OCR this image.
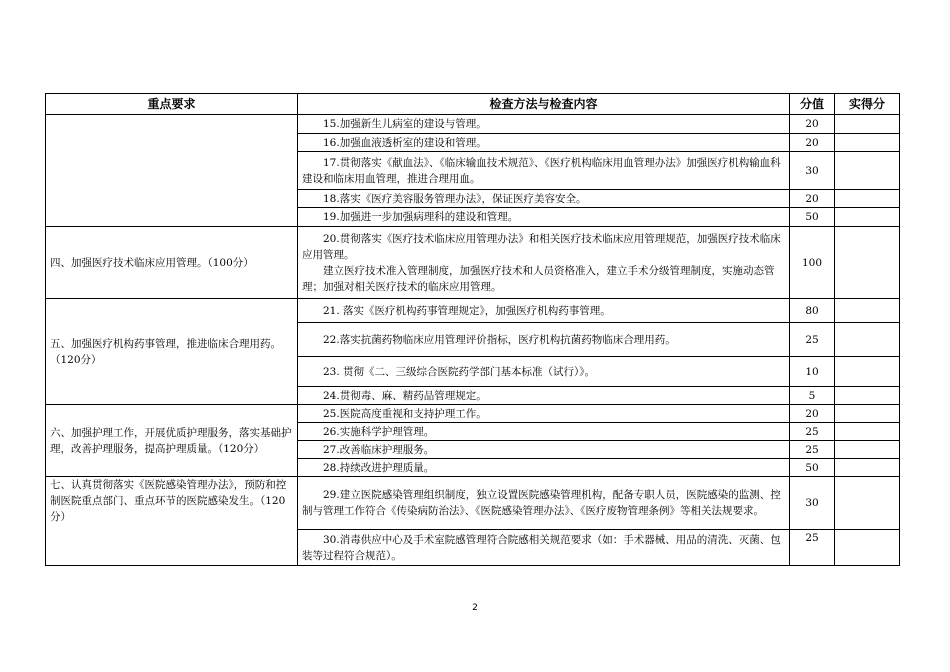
重点要求	检查方法与检查内容	分值	实得分
	15.加强新生儿病室的建设与管理。	20	
	16.加强血液透析室的建设和管理。	20	
	17.贯彻落实《献血法》、《临床输血技术规范》、《医疗机构临床用血管理办法》加强医疗机构输血科建设和临床用血管理，推进合理用血。	30	
	18.落实《医疗美容服务管理办法》，保证医疗美容安全。	20	
	19.加强进一步加强病理科的建设和管理。	50	
四、加强医疗技术临床应用管理。（100分）	20.贯彻落实《医疗技术临床应用管理办法》和相关医疗技术临床应用管理规范，加强医疗技术临床应用管理。
建立医疗技术准入管理制度，加强医疗技术和人员资格准入，建立手术分级管理制度，实施动态管理；加强对相关医疗技术的临床应用管理。	100	
五、加强医疗机构药事管理，推进临床合理用药。（120分）	21. 落实《医疗机构药事管理规定》，加强医疗机构药事管理。	80	
	22.落实抗菌药物临床应用管理评价指标，医疗机构抗菌药物临床合理用药。	25	
	23. 贯彻《二、三级综合医院药学部门基本标准（试行）》。	10	
	24.贯彻毒、麻、精药品管理规定。	5	
六、加强护理工作，开展优质护理服务，落实基础护理，改善护理服务，提高护理质量。（120分）	25.医院高度重视和支持护理工作。	20	
	26.实施科学护理管理。	25	
	27.改善临床护理服务。	25	
	28.持续改进护理质量。	50	
七、认真贯彻落实《医院感染管理办法》，预防和控制医院重点部门、重点环节的医院感染发生。（120分）	29.建立医院感染管理组织制度，独立设置医院感染管理机构，配备专职人员，医院感染的监测、控制与管理工作符合《传染病防治法》、《医院感染管理办法》、《医疗废物管理条例》等相关法规要求。	30	
	30.消毒供应中心及手术室院感管理符合院感相关规范要求（如：手术器械、用品的清洗、灭菌、包装等过程符合规范）。	25	
2
